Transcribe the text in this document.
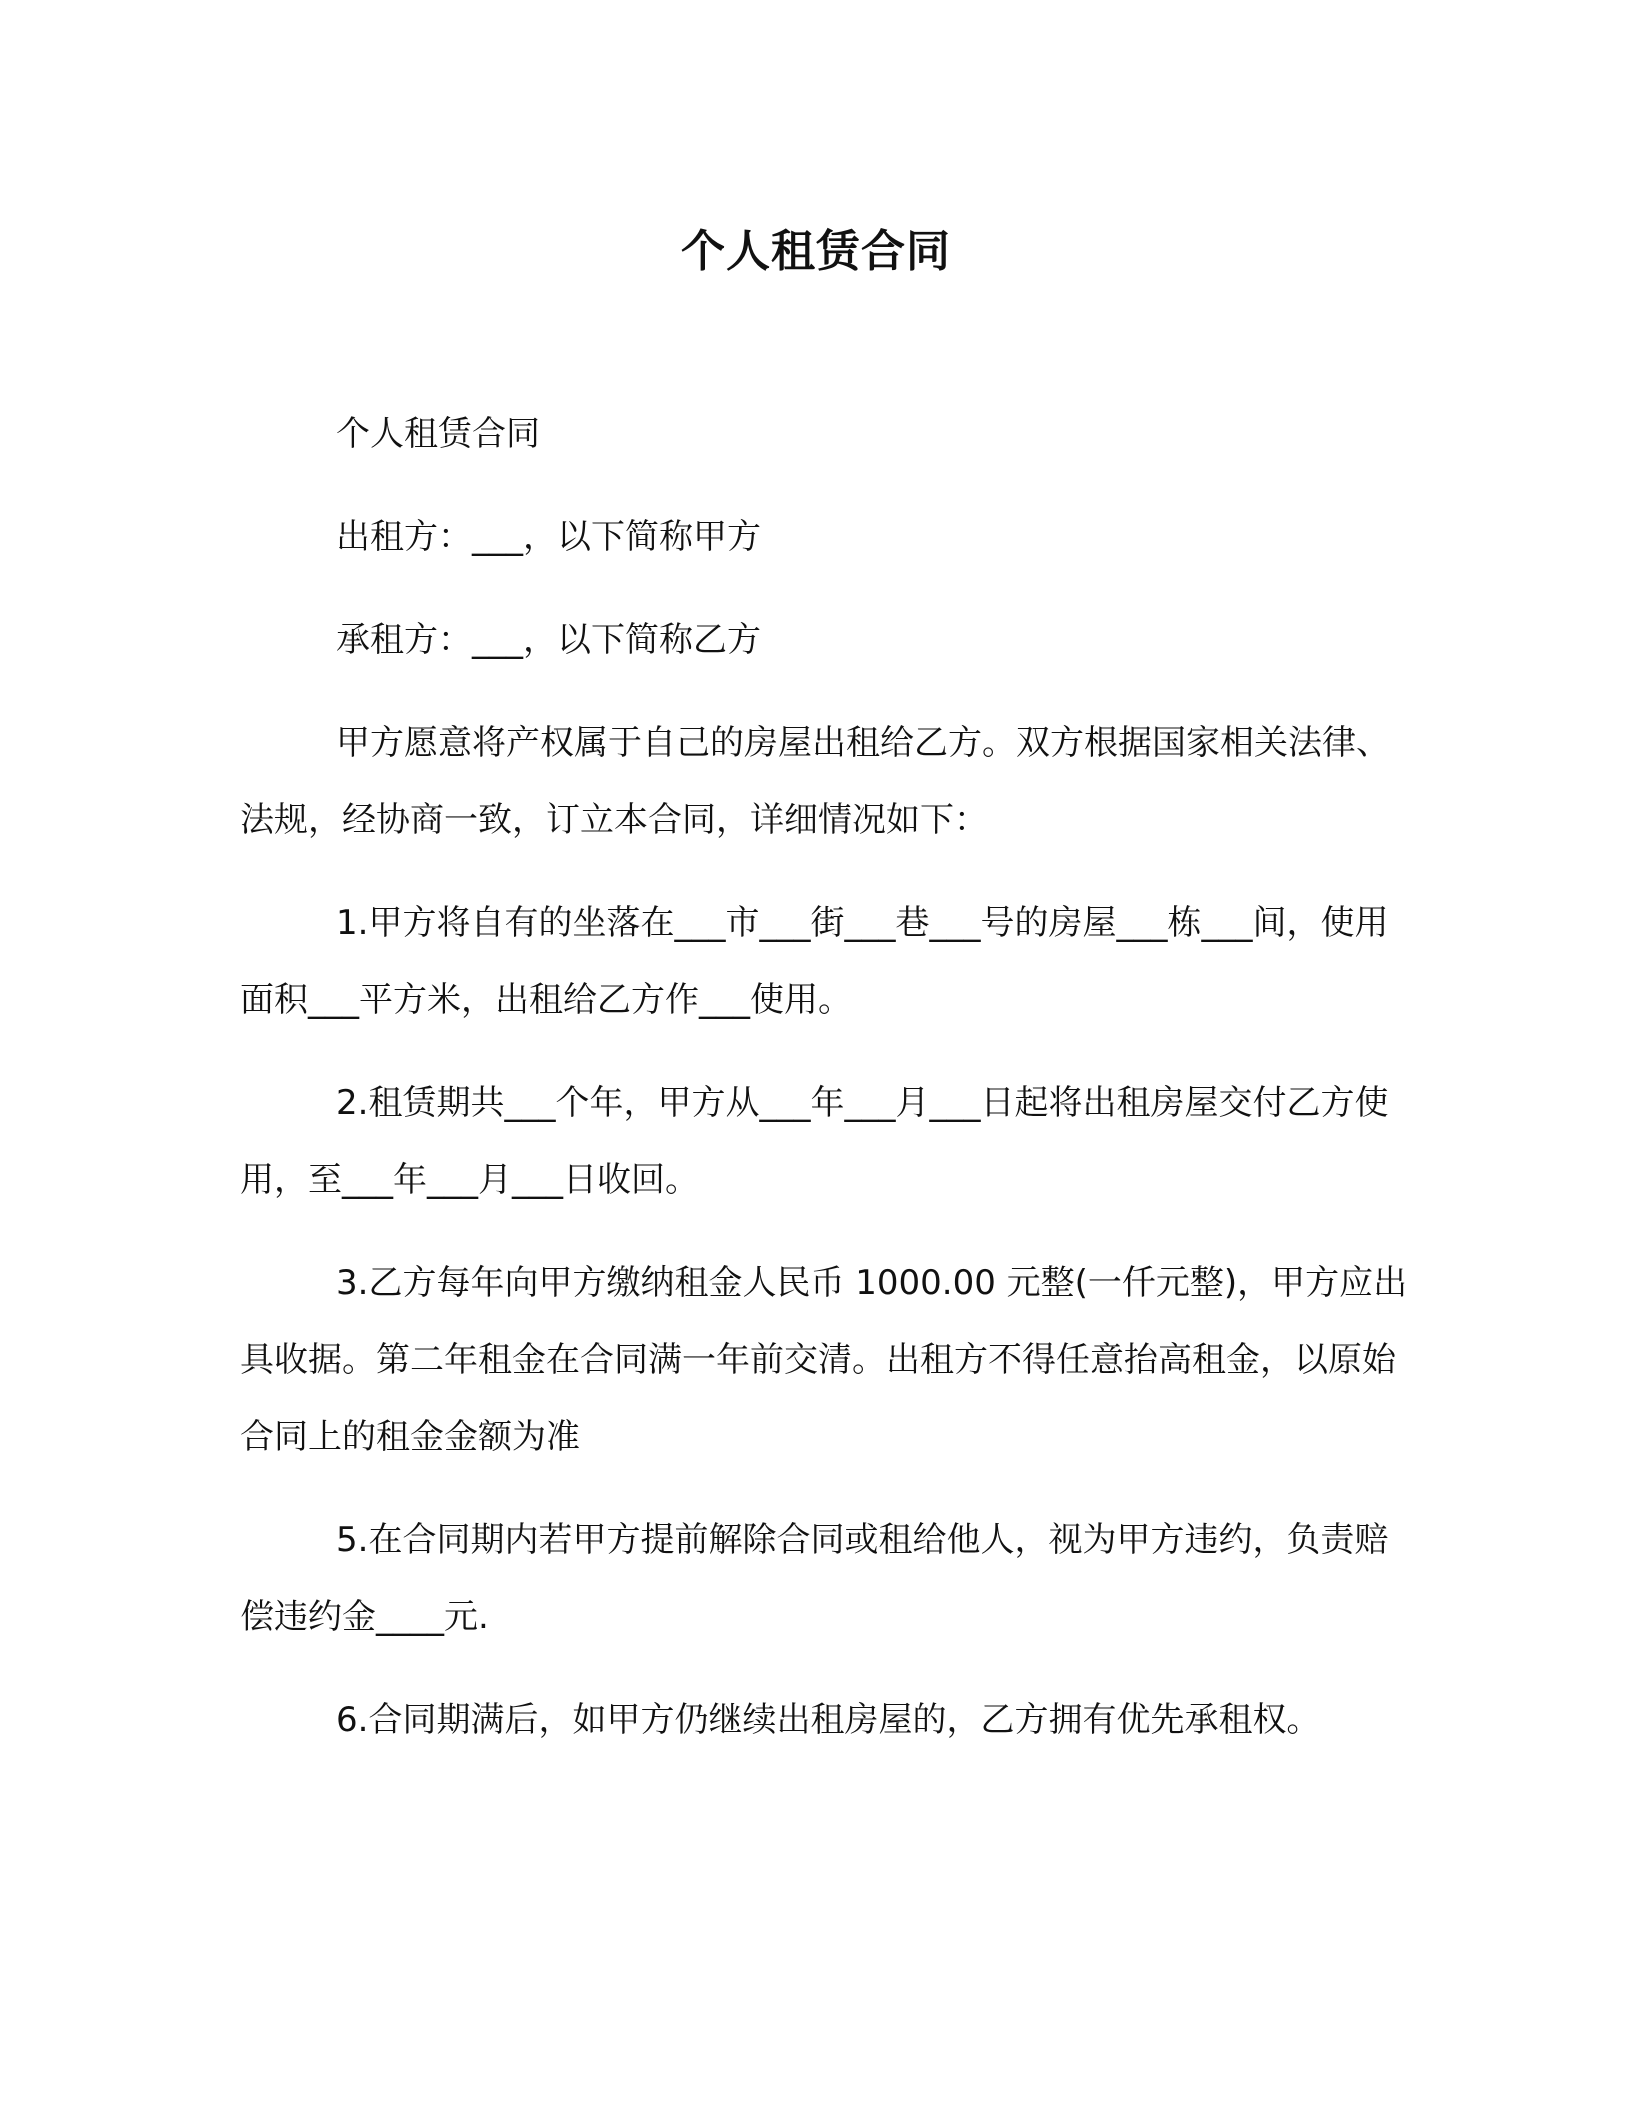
个人租赁合同

个人租赁合同

出租方：___，以下简称甲方

承租方：___，以下简称乙方

甲方愿意将产权属于自己的房屋出租给乙方。双方根据国家相关法律、法规，经协商一致，订立本合同，详细情况如下：

1.甲方将自有的坐落在___市___街___巷___号的房屋___栋___间，使用面积___平方米，出租给乙方作___使用。

2.租赁期共___个年，甲方从___年___月___日起将出租房屋交付乙方使用，至___年___月___日收回。

3.乙方每年向甲方缴纳租金人民币 1000.00 元整(一仟元整)，甲方应出具收据。第二年租金在合同满一年前交清。出租方不得任意抬高租金，以原始合同上的租金金额为准

5.在合同期内若甲方提前解除合同或租给他人，视为甲方违约，负责赔偿违约金____元.

6.合同期满后，如甲方仍继续出租房屋的，乙方拥有优先承租权。
